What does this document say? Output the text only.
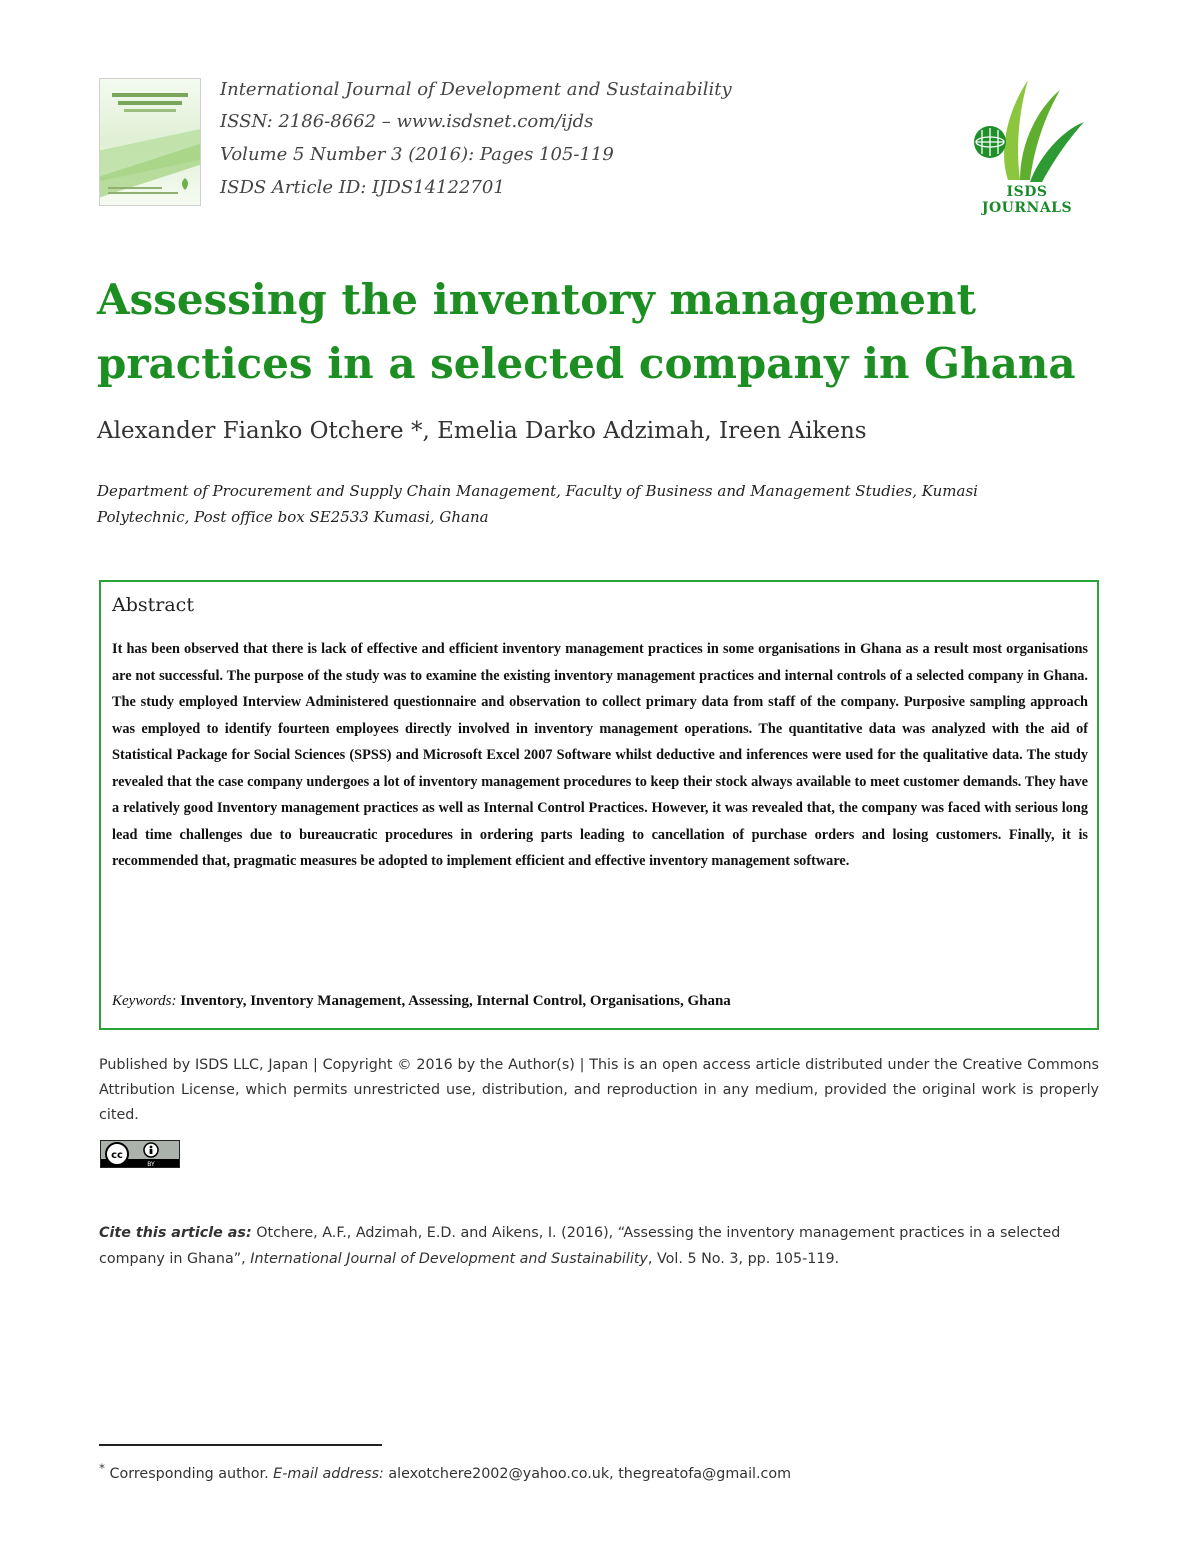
International Journal of Development and Sustainability
ISSN: 2186-8662 – www.isdsnet.com/ijds
Volume 5 Number 3 (2016): Pages 105-119
ISDS Article ID: IJDS14122701	ISDS JOURNALS
Assessing the inventory management
practices in a selected company in Ghana
Alexander Fianko Otchere *, Emelia Darko Adzimah, Ireen Aikens
Department of Procurement and Supply Chain Management, Faculty of Business and Management Studies, Kumasi
Polytechnic, Post office box SE2533 Kumasi, Ghana
Abstract
It has been observed that there is lack of effective and efficient inventory management practices in some organisations in Ghana as a result most organisations are not successful. The purpose of the study was to examine the existing inventory management practices and internal controls of a selected company in Ghana. The study employed Interview Administered questionnaire and observation to collect primary data from staff of the company. Purposive sampling approach was employed to identify fourteen employees directly involved in inventory management operations. The quantitative data was analyzed with the aid of Statistical Package for Social Sciences (SPSS) and Microsoft Excel 2007 Software whilst deductive and inferences were used for the qualitative data. The study revealed that the case company undergoes a lot of inventory management procedures to keep their stock always available to meet customer demands. They have a relatively good Inventory management practices as well as Internal Control Practices. However, it was revealed that, the company was faced with serious long lead time challenges due to bureaucratic procedures in ordering parts leading to cancellation of purchase orders and losing customers. Finally, it is recommended that, pragmatic measures be adopted to implement efficient and effective inventory management software.
Keywords: Inventory, Inventory Management, Assessing, Internal Control, Organisations, Ghana
Published by ISDS LLC, Japan | Copyright © 2016 by the Author(s) | This is an open access article distributed under the Creative Commons Attribution License, which permits unrestricted use, distribution, and reproduction in any medium, provided the original work is properly cited.
cc
BY
Cite this article as: Otchere, A.F., Adzimah, E.D. and Aikens, I. (2016), “Assessing the inventory management practices in a selected company in Ghana”, International Journal of Development and Sustainability, Vol. 5 No. 3, pp. 105-119.
* Corresponding author. E-mail address: alexotchere2002@yahoo.co.uk, thegreatofa@gmail.com
